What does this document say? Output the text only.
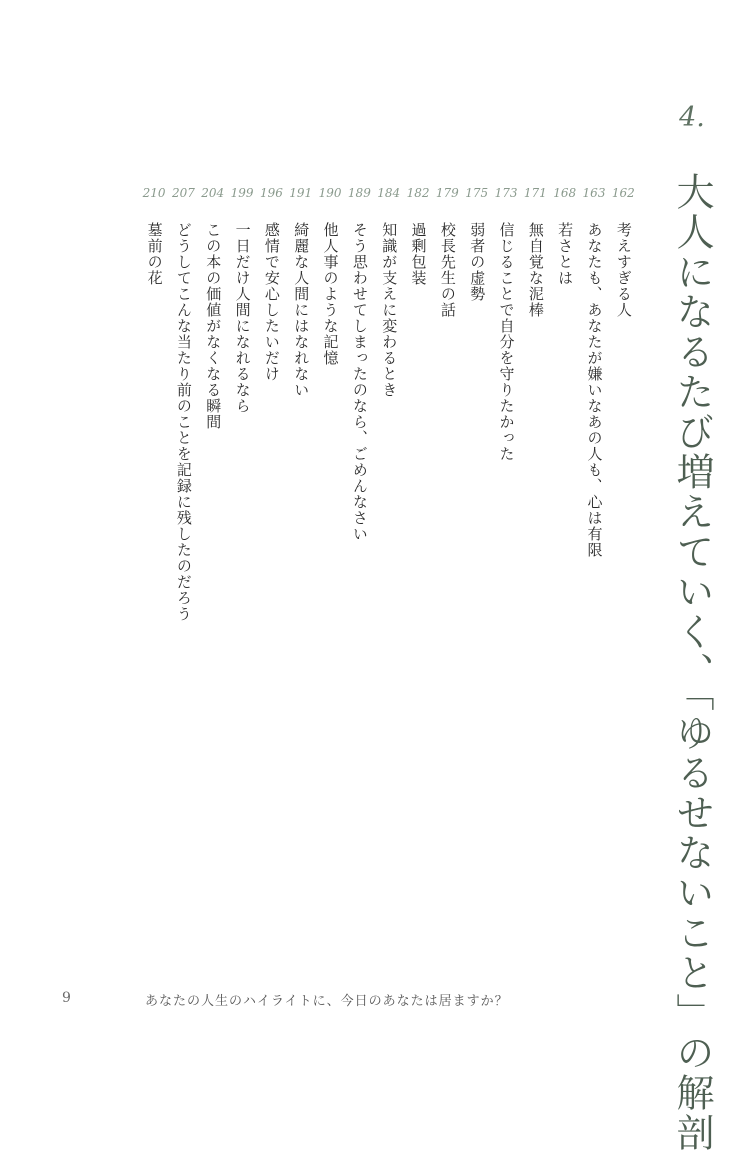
4.
大人になるたび増えていく、「ゆるせないこと」の解剖
162
考えすぎる人
163
あなたも、あなたが嫌いなあの人も、心は有限
168
若さとは
171
無自覚な泥棒
173
信じることで自分を守りたかった
175
弱者の虚勢
179
校長先生の話
182
過剰包装
184
知識が支えに変わるとき
189
そう思わせてしまったのなら、ごめんなさい
190
他人事のような記憶
191
綺麗な人間にはなれない
196
感情で安心したいだけ
199
一日だけ人間になれるなら
204
この本の価値がなくなる瞬間
207
どうしてこんな当たり前のことを記録に残したのだろう
210
墓前の花
9	あなたの人生のハイライトに、今日のあなたは居ますか？
